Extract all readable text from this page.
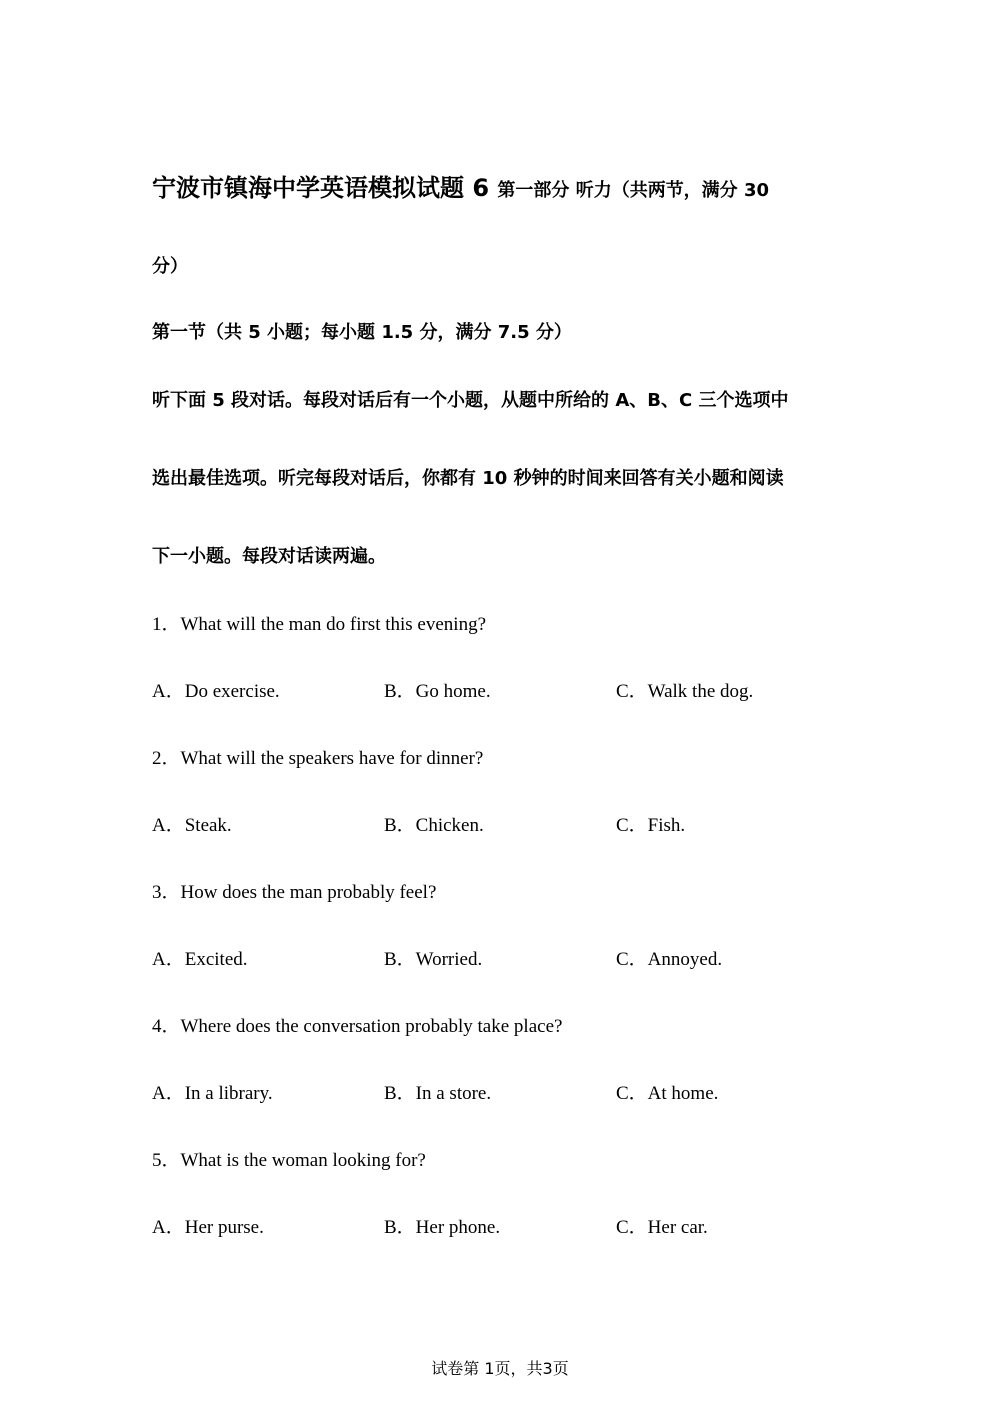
宁波市镇海中学英语模拟试题 6 第一部分 听力（共两节，满分 30
分）
第一节（共 5 小题；每小题 1.5 分，满分 7.5 分）
听下面 5 段对话。每段对话后有一个小题，从题中所给的 A、B、C 三个选项中
选出最佳选项。听完每段对话后，你都有 10 秒钟的时间来回答有关小题和阅读
下一小题。每段对话读两遍。
1．What will the man do first this evening?
A．Do exercise.	B．Go home.	C．Walk the dog.
2．What will the speakers have for dinner?
A．Steak.	B．Chicken.	C．Fish.
3．How does the man probably feel?
A．Excited.	B．Worried.	C．Annoyed.
4．Where does the conversation probably take place?
A．In a library.	B．In a store.	C．At home.
5．What is the woman looking for?
A．Her purse.	B．Her phone.	C．Her car.
试卷第 1页，共3页
